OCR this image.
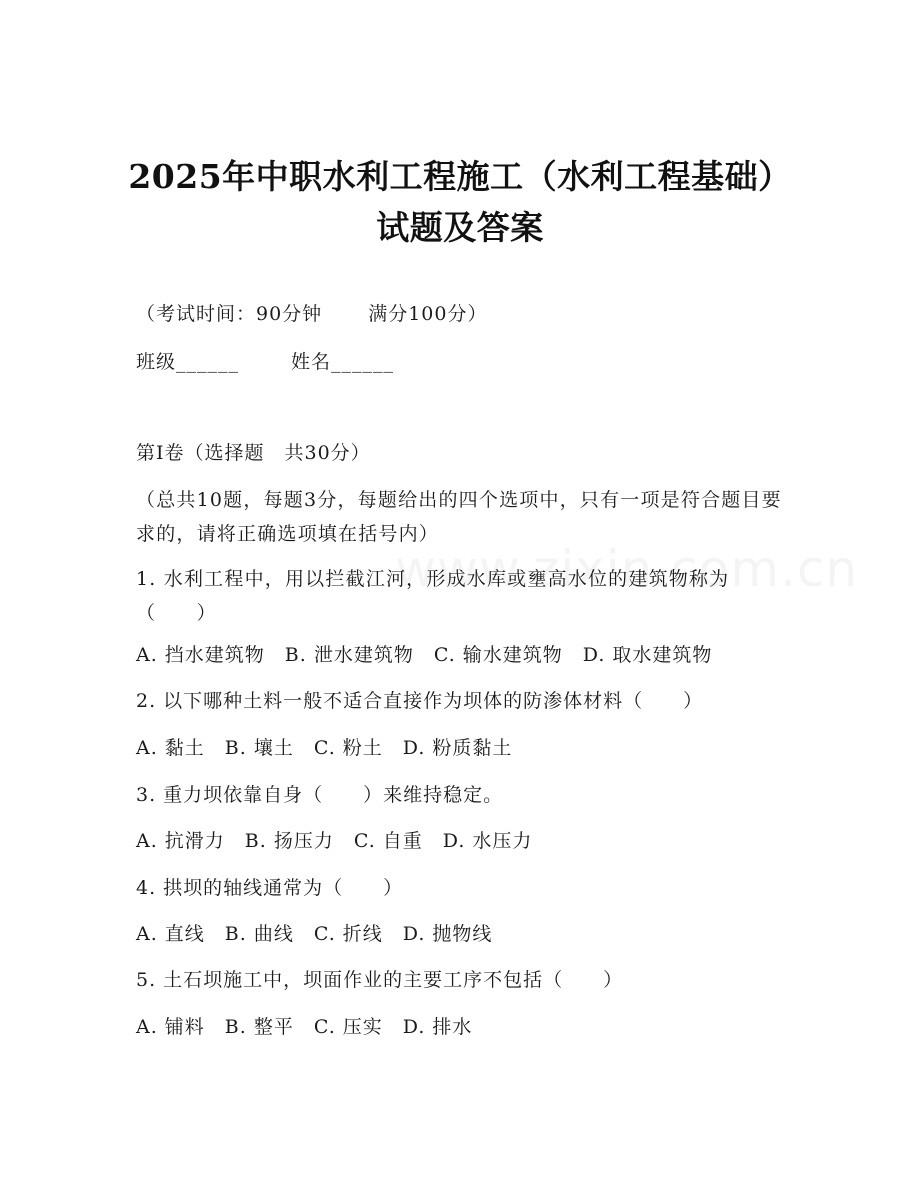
2025年中职水利工程施工（水利工程基础）
试题及答案
（考试时间：90分钟 满分100分）
班级______	姓名______
第Ⅰ卷（选择题　共30分）
（总共10题，每题3分，每题给出的四个选项中，只有一项是符合题目要求的，请将正确选项填在括号内）
1. 水利工程中，用以拦截江河，形成水库或壅高水位的建筑物称为（　　）
A. 挡水建筑物　B. 泄水建筑物　C. 输水建筑物　D. 取水建筑物
2. 以下哪种土料一般不适合直接作为坝体的防渗体材料（　　）
A. 黏土　B. 壤土　C. 粉土　D. 粉质黏土
3. 重力坝依靠自身（　　）来维持稳定。
A. 抗滑力　B. 扬压力　C. 自重　D. 水压力
4. 拱坝的轴线通常为（　　）
A. 直线　B. 曲线　C. 折线　D. 抛物线
5. 土石坝施工中，坝面作业的主要工序不包括（　　）
A. 铺料　B. 整平　C. 压实　D. 排水
